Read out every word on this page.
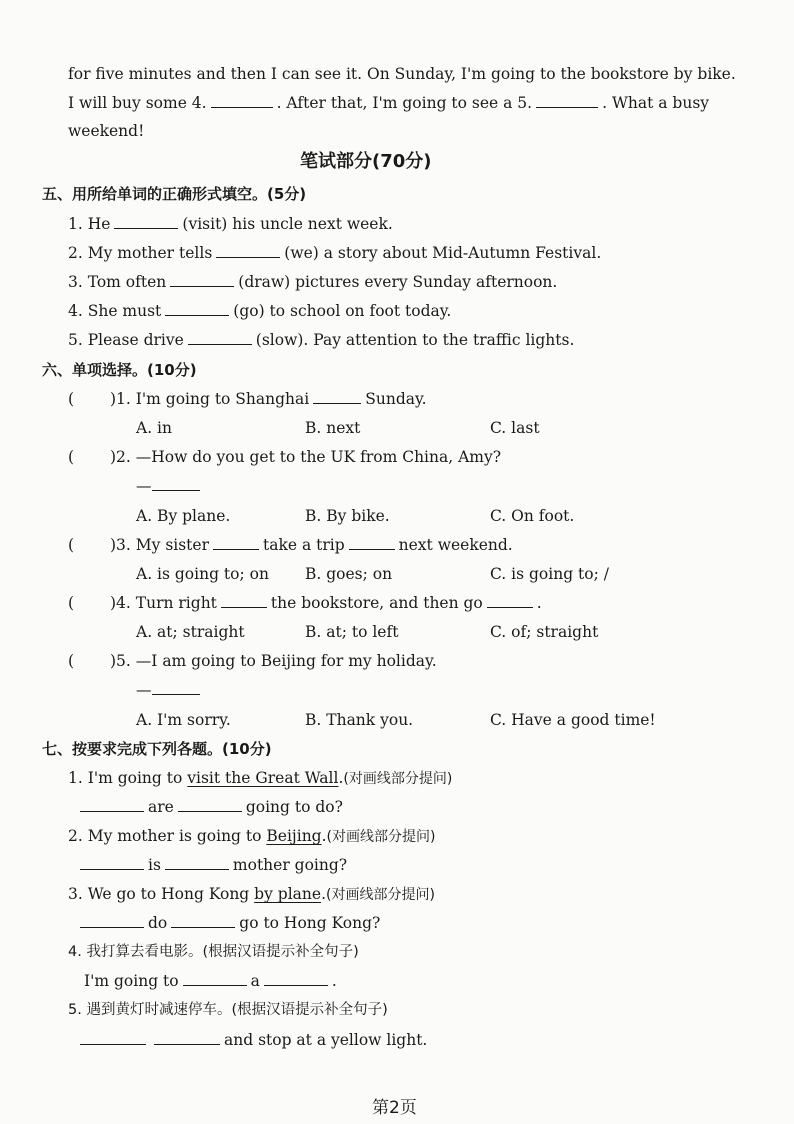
for five minutes and then I can see it. On Sunday, I'm going to the bookstore by bike.
I will buy some 4.	. After that, I'm going to see a 5.	. What a busy
weekend!
笔试部分(70分)
五、用所给单词的正确形式填空。(5分)
1. He	(visit) his uncle next week.
2. My mother tells	(we) a story about Mid-Autumn Festival.
3. Tom often	(draw) pictures every Sunday afternoon.
4. She must	(go) to school on foot today.
5. Please drive	(slow). Pay attention to the traffic lights.
六、单项选择。(10分)
( )1. I'm going to Shanghai	Sunday.
A. in	B. next	C. last
( )2. —How do you get to the UK from China, Amy?
—
A. By plane.	B. By bike.	C. On foot.
( )3. My sister	take a trip	next weekend.
A. is going to; on B. goes; on	C. is going to; /
( )4. Turn right	the bookstore, and then go	.
A. at; straight	B. at; to left	C. of; straight
( )5. —I am going to Beijing for my holiday.
—
A. I'm sorry.	B. Thank you.	C. Have a good time!
七、按要求完成下列各题。(10分)
1. I'm going to visit the Great Wall.(对画线部分提问)
are	going to do?
2. My mother is going to Beijing.(对画线部分提问)
is	mother going?
3. We go to Hong Kong by plane.(对画线部分提问)
do	go to Hong Kong?
4. 我打算去看电影。(根据汉语提示补全句子)
I'm going to	a	.
5. 遇到黄灯时减速停车。(根据汉语提示补全句子)
and stop at a yellow light.
第2页
